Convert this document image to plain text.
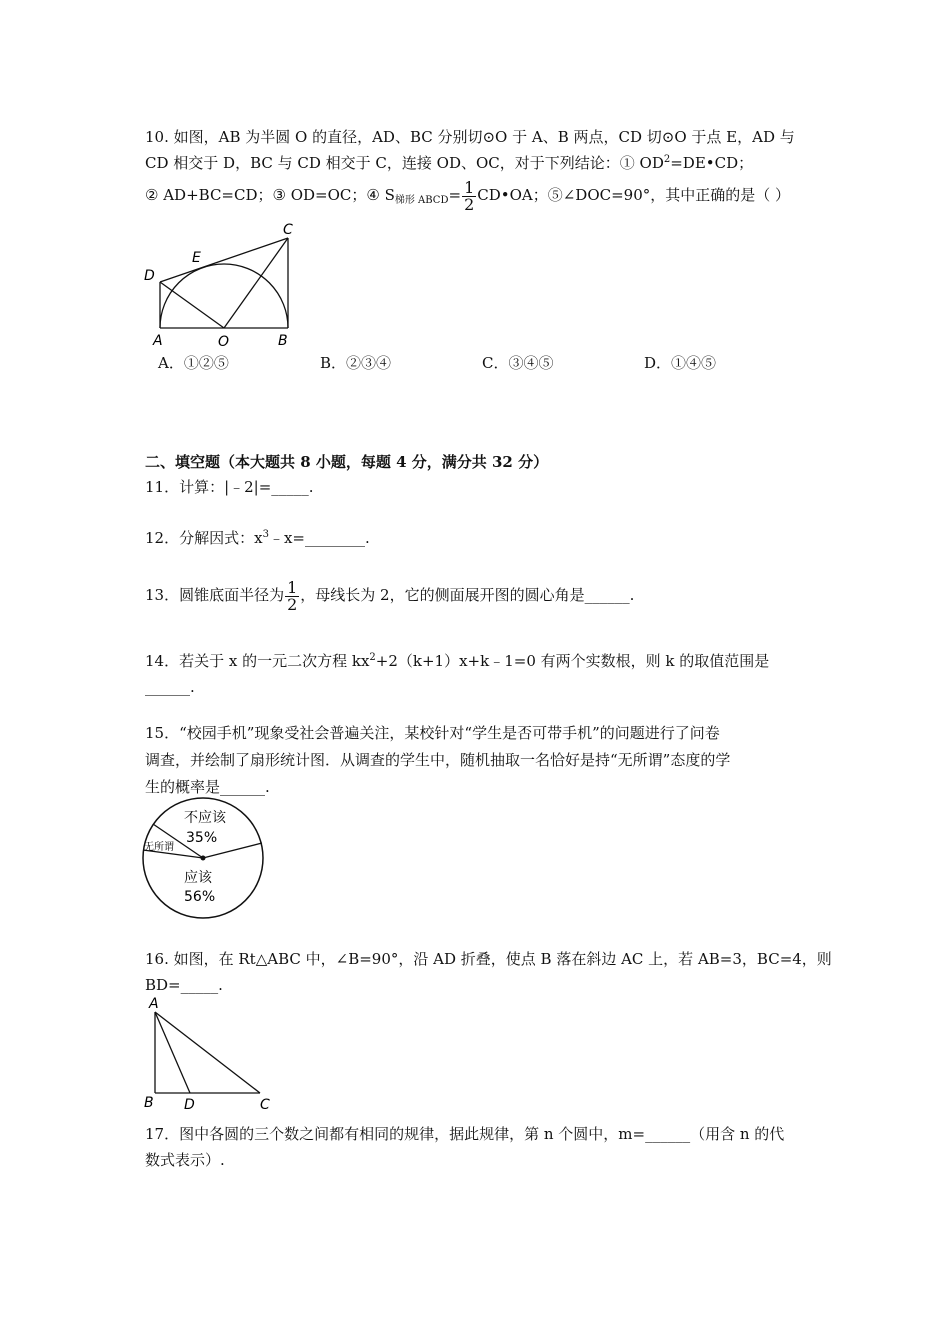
10. 如图，AB 为半圆 O 的直径，AD、BC 分别切⊙O 于 A、B 两点，CD 切⊙O 于点 E，AD 与
CD 相交于 D，BC 与 CD 相交于 C，连接 OD、OC，对于下列结论：① $OD^2=DE•CD$；
② AD+BC=CD；③ OD=OC；④ $S_{梯形 ABCD}= \frac{1}{2}$ CD•OA；⑤∠DOC=90°，其中正确的是（ ）
D
E
C
A	O	B
A．①②⑤	B．②③④	C．③④⑤	D．①④⑤
二、填空题（本大题共 8 小题，每题 4 分，满分共 32 分）
11．计算：|﹣2|=_____.
12．分解因式：$x^3﹣x=\_\_\_\_\_\_\_\_$.
13．圆锥底面半径为 $\frac{1}{2}$ ，母线长为 2，它的侧面展开图的圆心角是______.
14．若关于 x 的一元二次方程 $kx^2+2(k+1)x+k﹣1=0$ 有两个实数根，则 k 的取值范围是
______.
15．“校园手机”现象受社会普遍关注，某校针对“学生是否可带手机”的问题进行了问卷
调查，并绘制了扇形统计图．从调查的学生中，随机抽取一名恰好是持“无所谓”态度的学
生的概率是______.
不应该
35%
应该
56%
无所谓
16. 如图，在 Rt△ABC 中，∠B=90°，沿 AD 折叠，使点 B 落在斜边 AC 上，若 AB=3，BC=4，则
BD=_____.
A
B D	C
17．图中各圆的三个数之间都有相同的规律，据此规律，第 n 个圆中，m=______（用含 n 的代
数式表示）.
